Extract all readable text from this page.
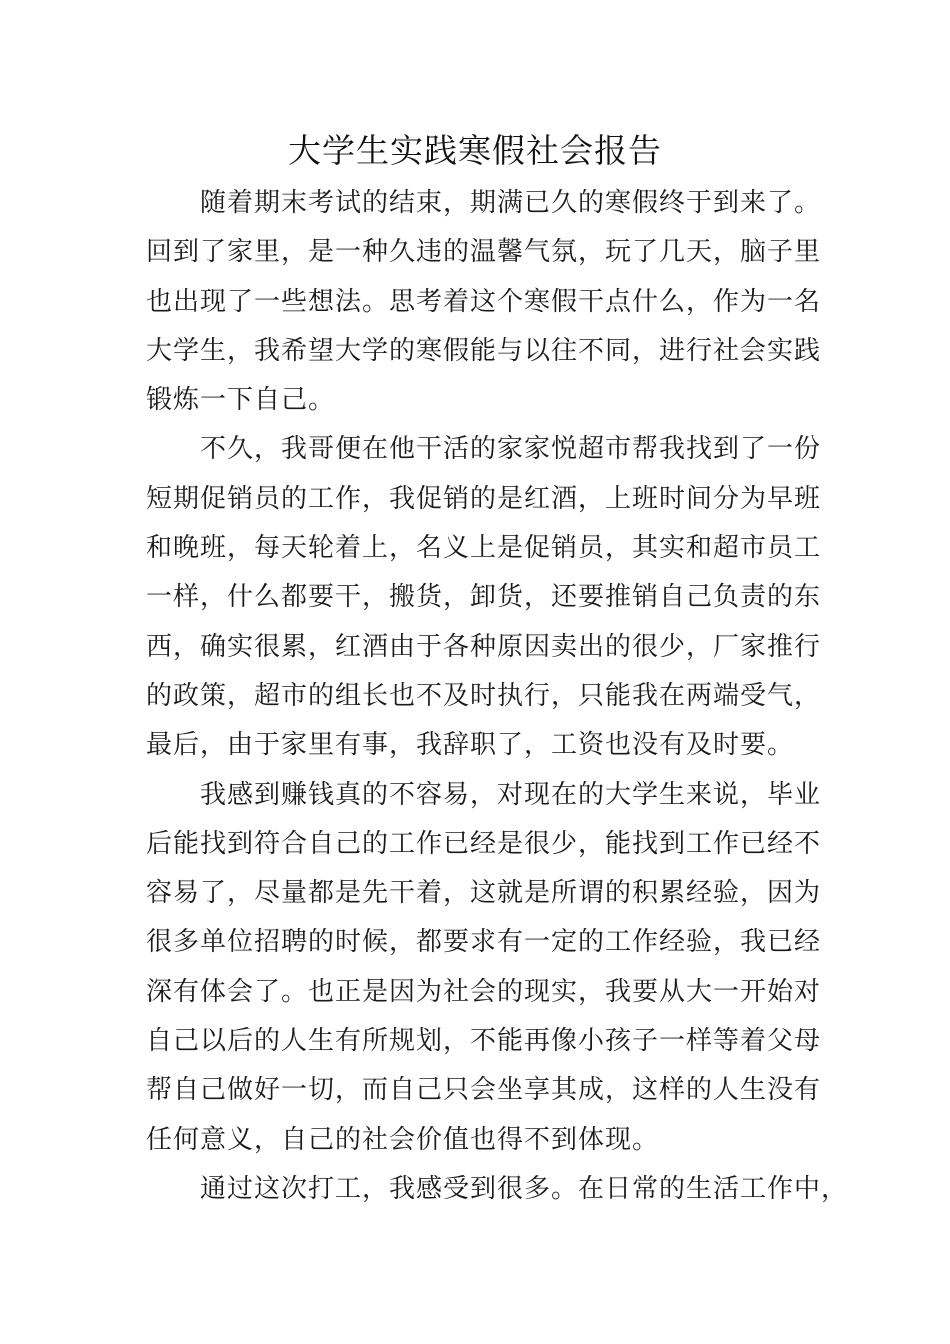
大学生实践寒假社会报告
随着期末考试的结束，期满已久的寒假终于到来了。
回到了家里，是一种久违的温馨气氛，玩了几天，脑子里
也出现了一些想法。思考着这个寒假干点什么，作为一名
大学生，我希望大学的寒假能与以往不同，进行社会实践
锻炼一下自己。
不久，我哥便在他干活的家家悦超市帮我找到了一份
短期促销员的工作，我促销的是红酒，上班时间分为早班
和晚班，每天轮着上，名义上是促销员，其实和超市员工
一样，什么都要干，搬货，卸货，还要推销自己负责的东
西，确实很累，红酒由于各种原因卖出的很少，厂家推行
的政策，超市的组长也不及时执行，只能我在两端受气，
最后，由于家里有事，我辞职了，工资也没有及时要。
我感到赚钱真的不容易，对现在的大学生来说，毕业
后能找到符合自己的工作已经是很少，能找到工作已经不
容易了，尽量都是先干着，这就是所谓的积累经验，因为
很多单位招聘的时候，都要求有一定的工作经验，我已经
深有体会了。也正是因为社会的现实，我要从大一开始对
自己以后的人生有所规划，不能再像小孩子一样等着父母
帮自己做好一切，而自己只会坐享其成，这样的人生没有
任何意义，自己的社会价值也得不到体现。
通过这次打工，我感受到很多。在日常的生活工作中，
